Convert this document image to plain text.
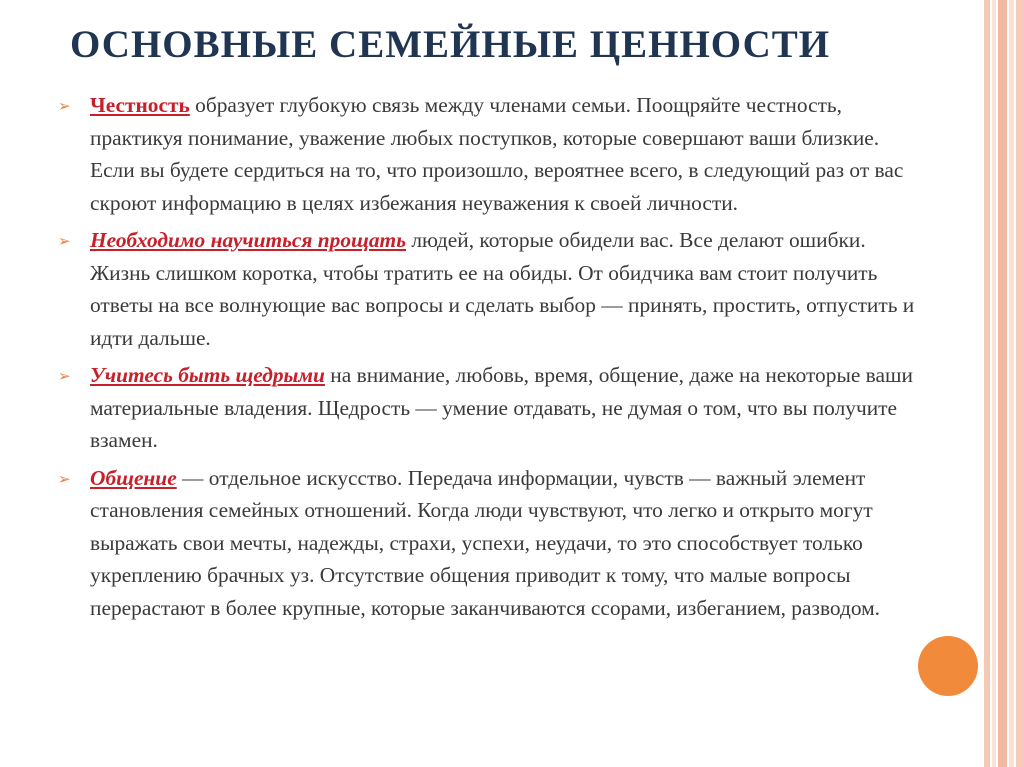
ОСНОВНЫЕ СЕМЕЙНЫЕ ЦЕННОСТИ
➢ Честность образует глубокую связь между членами семьи. Поощряйте честность, практикуя понимание, уважение любых поступков, которые совершают ваши близкие. Если вы будете сердиться на то, что произошло, вероятнее всего, в следующий раз от вас скроют информацию в целях избежания неуважения к своей личности.
➢ Необходимо научиться прощать людей, которые обидели вас. Все делают ошибки. Жизнь слишком коротка, чтобы тратить ее на обиды. От обидчика вам стоит получить ответы на все волнующие вас вопросы и сделать выбор — принять, простить, отпустить и идти дальше.
➢ Учитесь быть щедрыми на внимание, любовь, время, общение, даже на некоторые ваши материальные владения. Щедрость — умение отдавать, не думая о том, что вы получите взамен.
➢ Общение — отдельное искусство. Передача информации, чувств — важный элемент становления семейных отношений. Когда люди чувствуют, что легко и открыто могут выражать свои мечты, надежды, страхи, успехи, неудачи, то это способствует только укреплению брачных уз. Отсутствие общения приводит к тому, что малые вопросы перерастают в более крупные, которые заканчиваются ссорами, избеганием, разводом.
